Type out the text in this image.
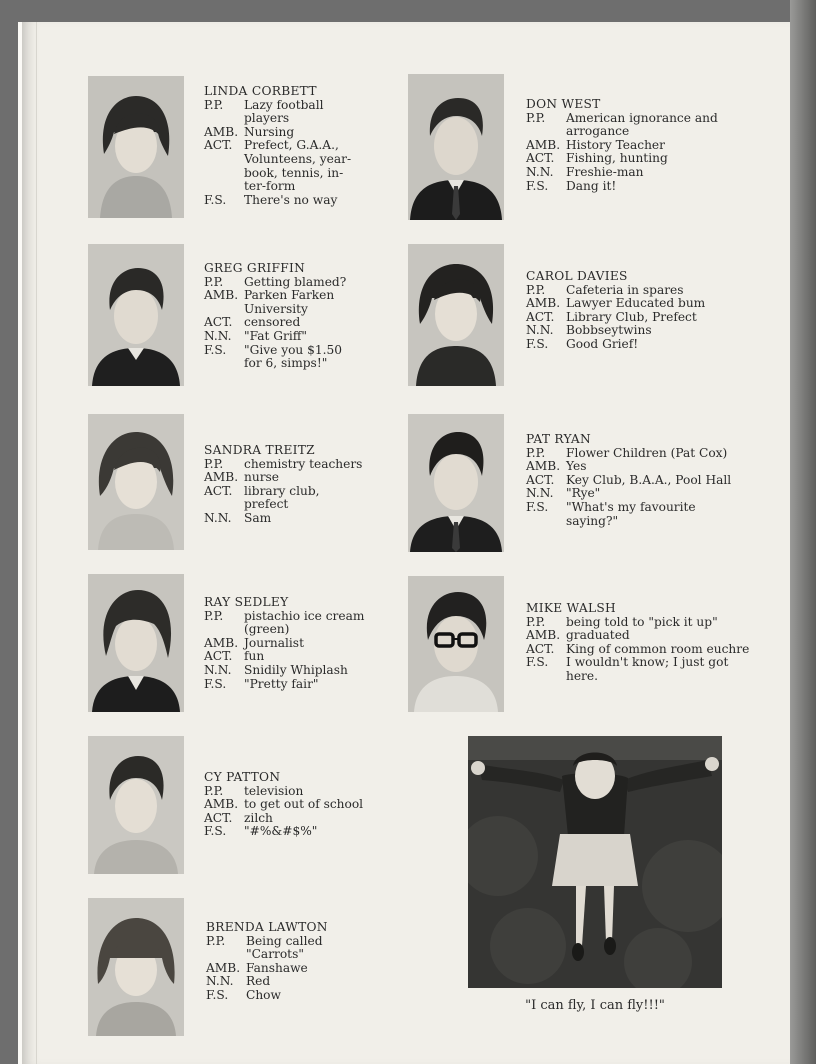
LINDA CORBETT
P.P.	Lazy football
players
AMB. Nursing
ACT. Prefect, G.A.A.,
Volunteens, year-
book, tennis, in-
ter-form
F.S.	There's no way
DON WEST
P.P.	American ignorance and
arrogance
AMB. History Teacher
ACT. Fishing, hunting
N.N.	Freshie-man
F.S.	Dang it!
GREG GRIFFIN
P.P.	Getting blamed?
AMB. Parken Farken
University
ACT. censored
N.N.	"Fat Griff"
F.S.	"Give you $1.50
for 6, simps!"
CAROL DAVIES
P.P.	Cafeteria in spares
AMB. Lawyer Educated bum
ACT. Library Club, Prefect
N.N.	Bobbseytwins
F.S.	Good Grief!
SANDRA TREITZ
P.P.	chemistry teachers
AMB. nurse
ACT. library club,
prefect
N.N.	Sam
PAT RYAN
P.P.	Flower Children (Pat Cox)
AMB. Yes
ACT. Key Club, B.A.A., Pool Hall
N.N.	"Rye"
F.S.	"What's my favourite
saying?"
RAY SEDLEY
P.P.	pistachio ice cream
(green)
AMB. Journalist
ACT. fun
N.N.	Snidily Whiplash
F.S.	"Pretty fair"
MIKE WALSH
P.P.	being told to "pick it up"
AMB. graduated
ACT. King of common room euchre
F.S.	I wouldn't know; I just got
here.
CY PATTON
P.P.	television
AMB. to get out of school
ACT. zilch
F.S.	"#%&#$%"
BRENDA LAWTON
P.P.	Being called
"Carrots"
AMB. Fanshawe
N.N.	Red
F.S.	Chow
"I can fly, I can fly!!!"
